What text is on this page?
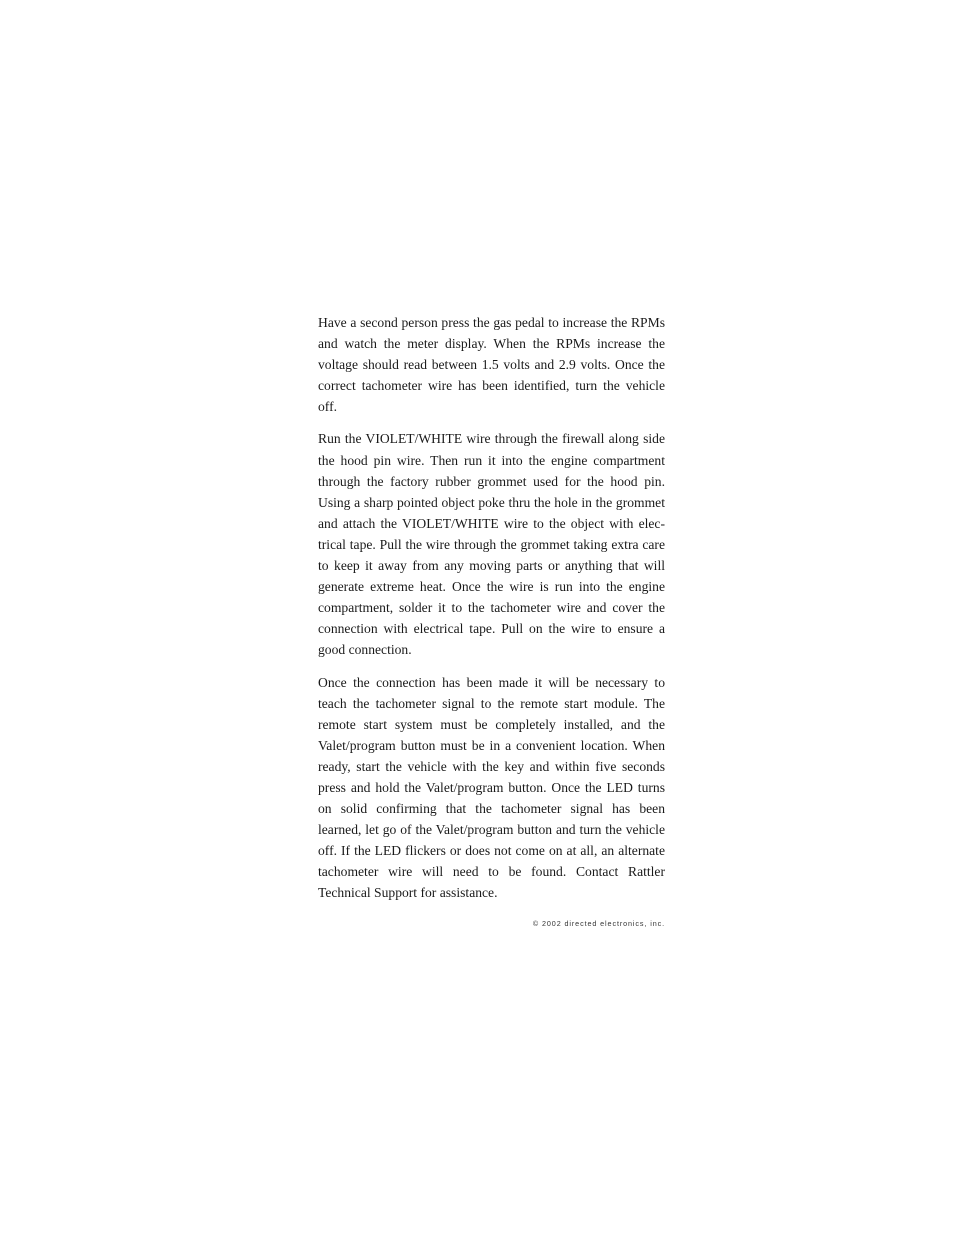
Have a second person press the gas pedal to increase the RPMs and watch the meter display. When the RPMs increase the voltage should read between 1.5 volts and 2.9 volts. Once the correct tachometer wire has been identified, turn the vehicle off.

Run the VIOLET/WHITE wire through the firewall along side the hood pin wire. Then run it into the engine compartment through the factory rubber grommet used for the hood pin. Using a sharp pointed object poke thru the hole in the grommet and attach the VIOLET/WHITE wire to the object with electrical tape. Pull the wire through the grommet taking extra care to keep it away from any moving parts or anything that will generate extreme heat. Once the wire is run into the engine compartment, solder it to the tachometer wire and cover the connection with electrical tape. Pull on the wire to ensure a good connection.

Once the connection has been made it will be necessary to teach the tachometer signal to the remote start module. The remote start system must be completely installed, and the Valet/program button must be in a convenient location. When ready, start the vehicle with the key and within five seconds press and hold the Valet/program button. Once the LED turns on solid confirming that the tachometer signal has been learned, let go of the Valet/program button and turn the vehicle off. If the LED flickers or does not come on at all, an alternate tachometer wire will need to be found. Contact Rattler Technical Support for assistance.

© 2002 directed electronics, inc.
